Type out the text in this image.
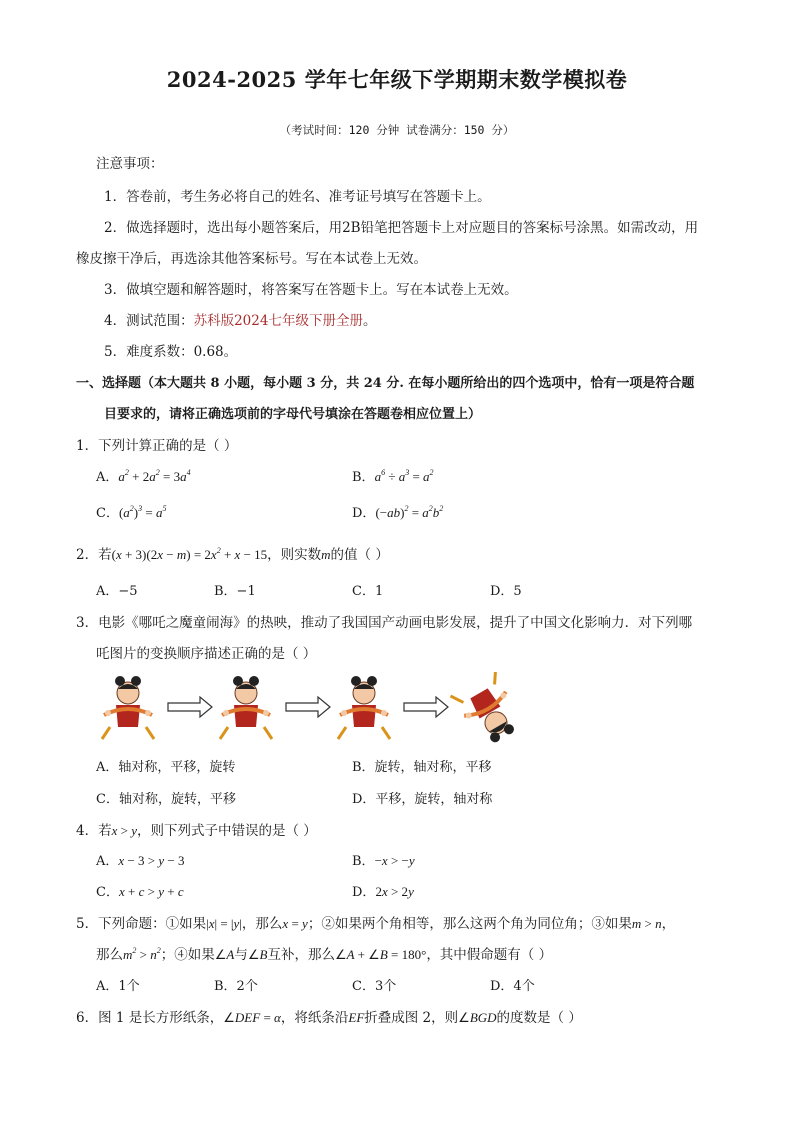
2024-2025 学年七年级下学期期末数学模拟卷
（考试时间：120 分钟 试卷满分：150 分）
注意事项：
1．答卷前，考生务必将自己的姓名、准考证号填写在答题卡上。
2．做选择题时，选出每小题答案后，用2B铅笔把答题卡上对应题目的答案标号涂黑。如需改动，用
橡皮擦干净后，再选涂其他答案标号。写在本试卷上无效。
3．做填空题和解答题时，将答案写在答题卡上。写在本试卷上无效。
4．测试范围：苏科版2024七年级下册全册。
5．难度系数：0.68。
一、选择题（本大题共 8 小题，每小题 3 分，共 24 分. 在每小题所给出的四个选项中，恰有一项是符合题
目要求的，请将正确选项前的字母代号填涂在答题卷相应位置上）
1．下列计算正确的是（ ）
A．$a^2 + 2a^2 = 3a^4$	B．$a^6 \div a^3 = a^2$
C．$(a^2)^3 = a^5$	D．$(-ab)^2 = a^2b^2$
2．若$(x + 3)(2x - m) = 2x^2 + x - 15$，则实数m的值（ ）
A．−5	B．−1	C．1	D．5
3．电影《哪吒之魔童闹海》的热映，推动了我国国产动画电影发展，提升了中国文化影响力．对下列哪
吒图片的变换顺序描述正确的是（ ）
A．轴对称，平移，旋转	B．旋转，轴对称，平移
C．轴对称，旋转，平移	D．平移，旋转，轴对称
4．若x > y，则下列式子中错误的是（ ）
A．x − 3 > y − 3	B．−x > −y
C．x + c > y + c	D．2x > 2y
5．下列命题：①如果|x| = |y|，那么x = y；②如果两个角相等，那么这两个角为同位角；③如果m > n，
那么$m^2 > n^2$；④如果∠A与∠B互补，那么∠A + ∠B = 180°，其中假命题有（ ）
A．1个	B．2个	C．3个	D．4个
6．图 1 是长方形纸条，∠DEF = α，将纸条沿EF折叠成图 2，则∠BGD的度数是（ ）
